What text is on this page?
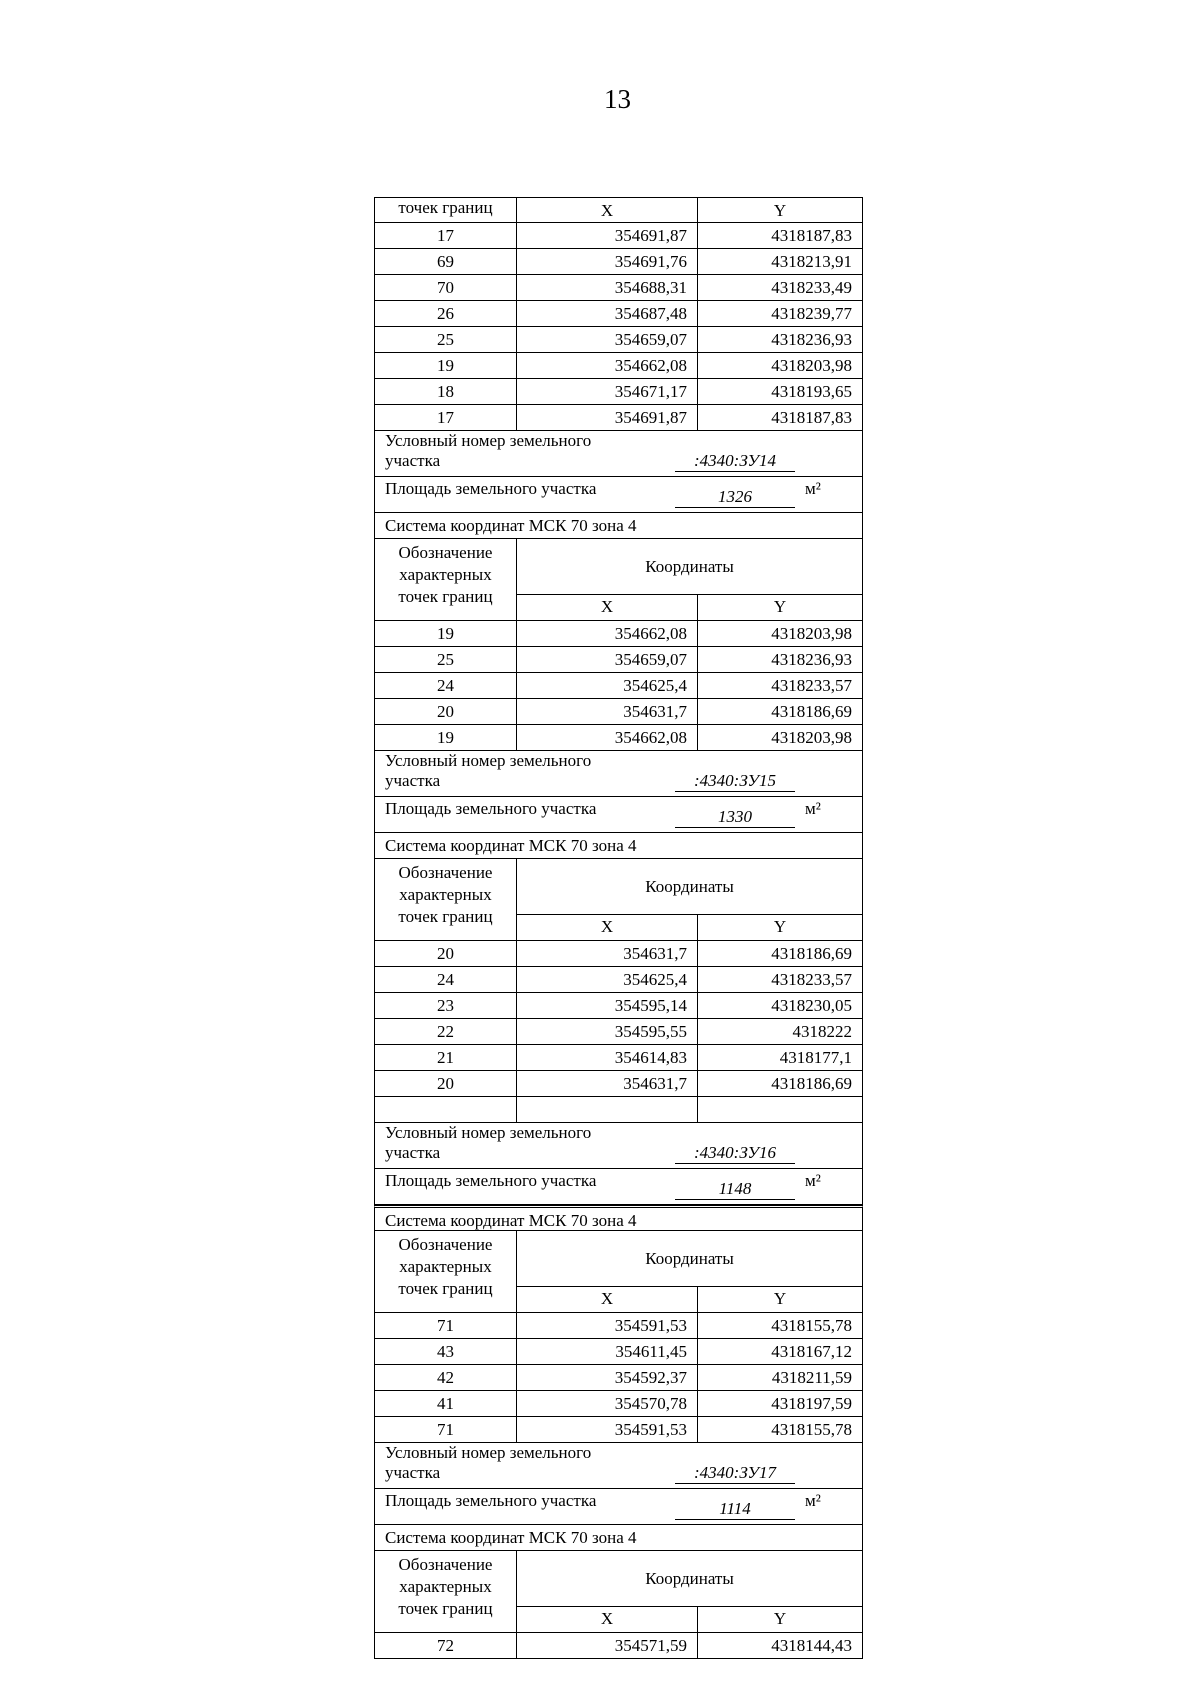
13
точек границ	X	Y
17	354691,87	4318187,83
69	354691,76	4318213,91
70	354688,31	4318233,49
26	354687,48	4318239,77
25	354659,07	4318236,93
19	354662,08	4318203,98
18	354671,17	4318193,65
17	354691,87	4318187,83
Условный номер земельного
участка	:4340:ЗУ14
Площадь земельного участка	1326	м²
Система координат МСК 70 зона 4
Обозначение
характерных
точек границ
Координаты
X	Y
19	354662,08	4318203,98
25	354659,07	4318236,93
24	354625,4	4318233,57
20	354631,7	4318186,69
19	354662,08	4318203,98
Условный номер земельного
участка	:4340:ЗУ15
Площадь земельного участка	1330	м²
Система координат МСК 70 зона 4
Обозначение
характерных
точек границ
Координаты
X	Y
20	354631,7	4318186,69
24	354625,4	4318233,57
23	354595,14	4318230,05
22	354595,55	4318222
21	354614,83	4318177,1
20	354631,7	4318186,69
Условный номер земельного
участка	:4340:ЗУ16
Площадь земельного участка	1148	м²
Система координат МСК 70 зона 4
Обозначение
характерных
точек границ
Координаты
X	Y
71	354591,53	4318155,78
43	354611,45	4318167,12
42	354592,37	4318211,59
41	354570,78	4318197,59
71	354591,53	4318155,78
Условный номер земельного
участка	:4340:ЗУ17
Площадь земельного участка	1114	м²
Система координат МСК 70 зона 4
Обозначение
характерных
точек границ
Координаты
X	Y
72	354571,59	4318144,43
